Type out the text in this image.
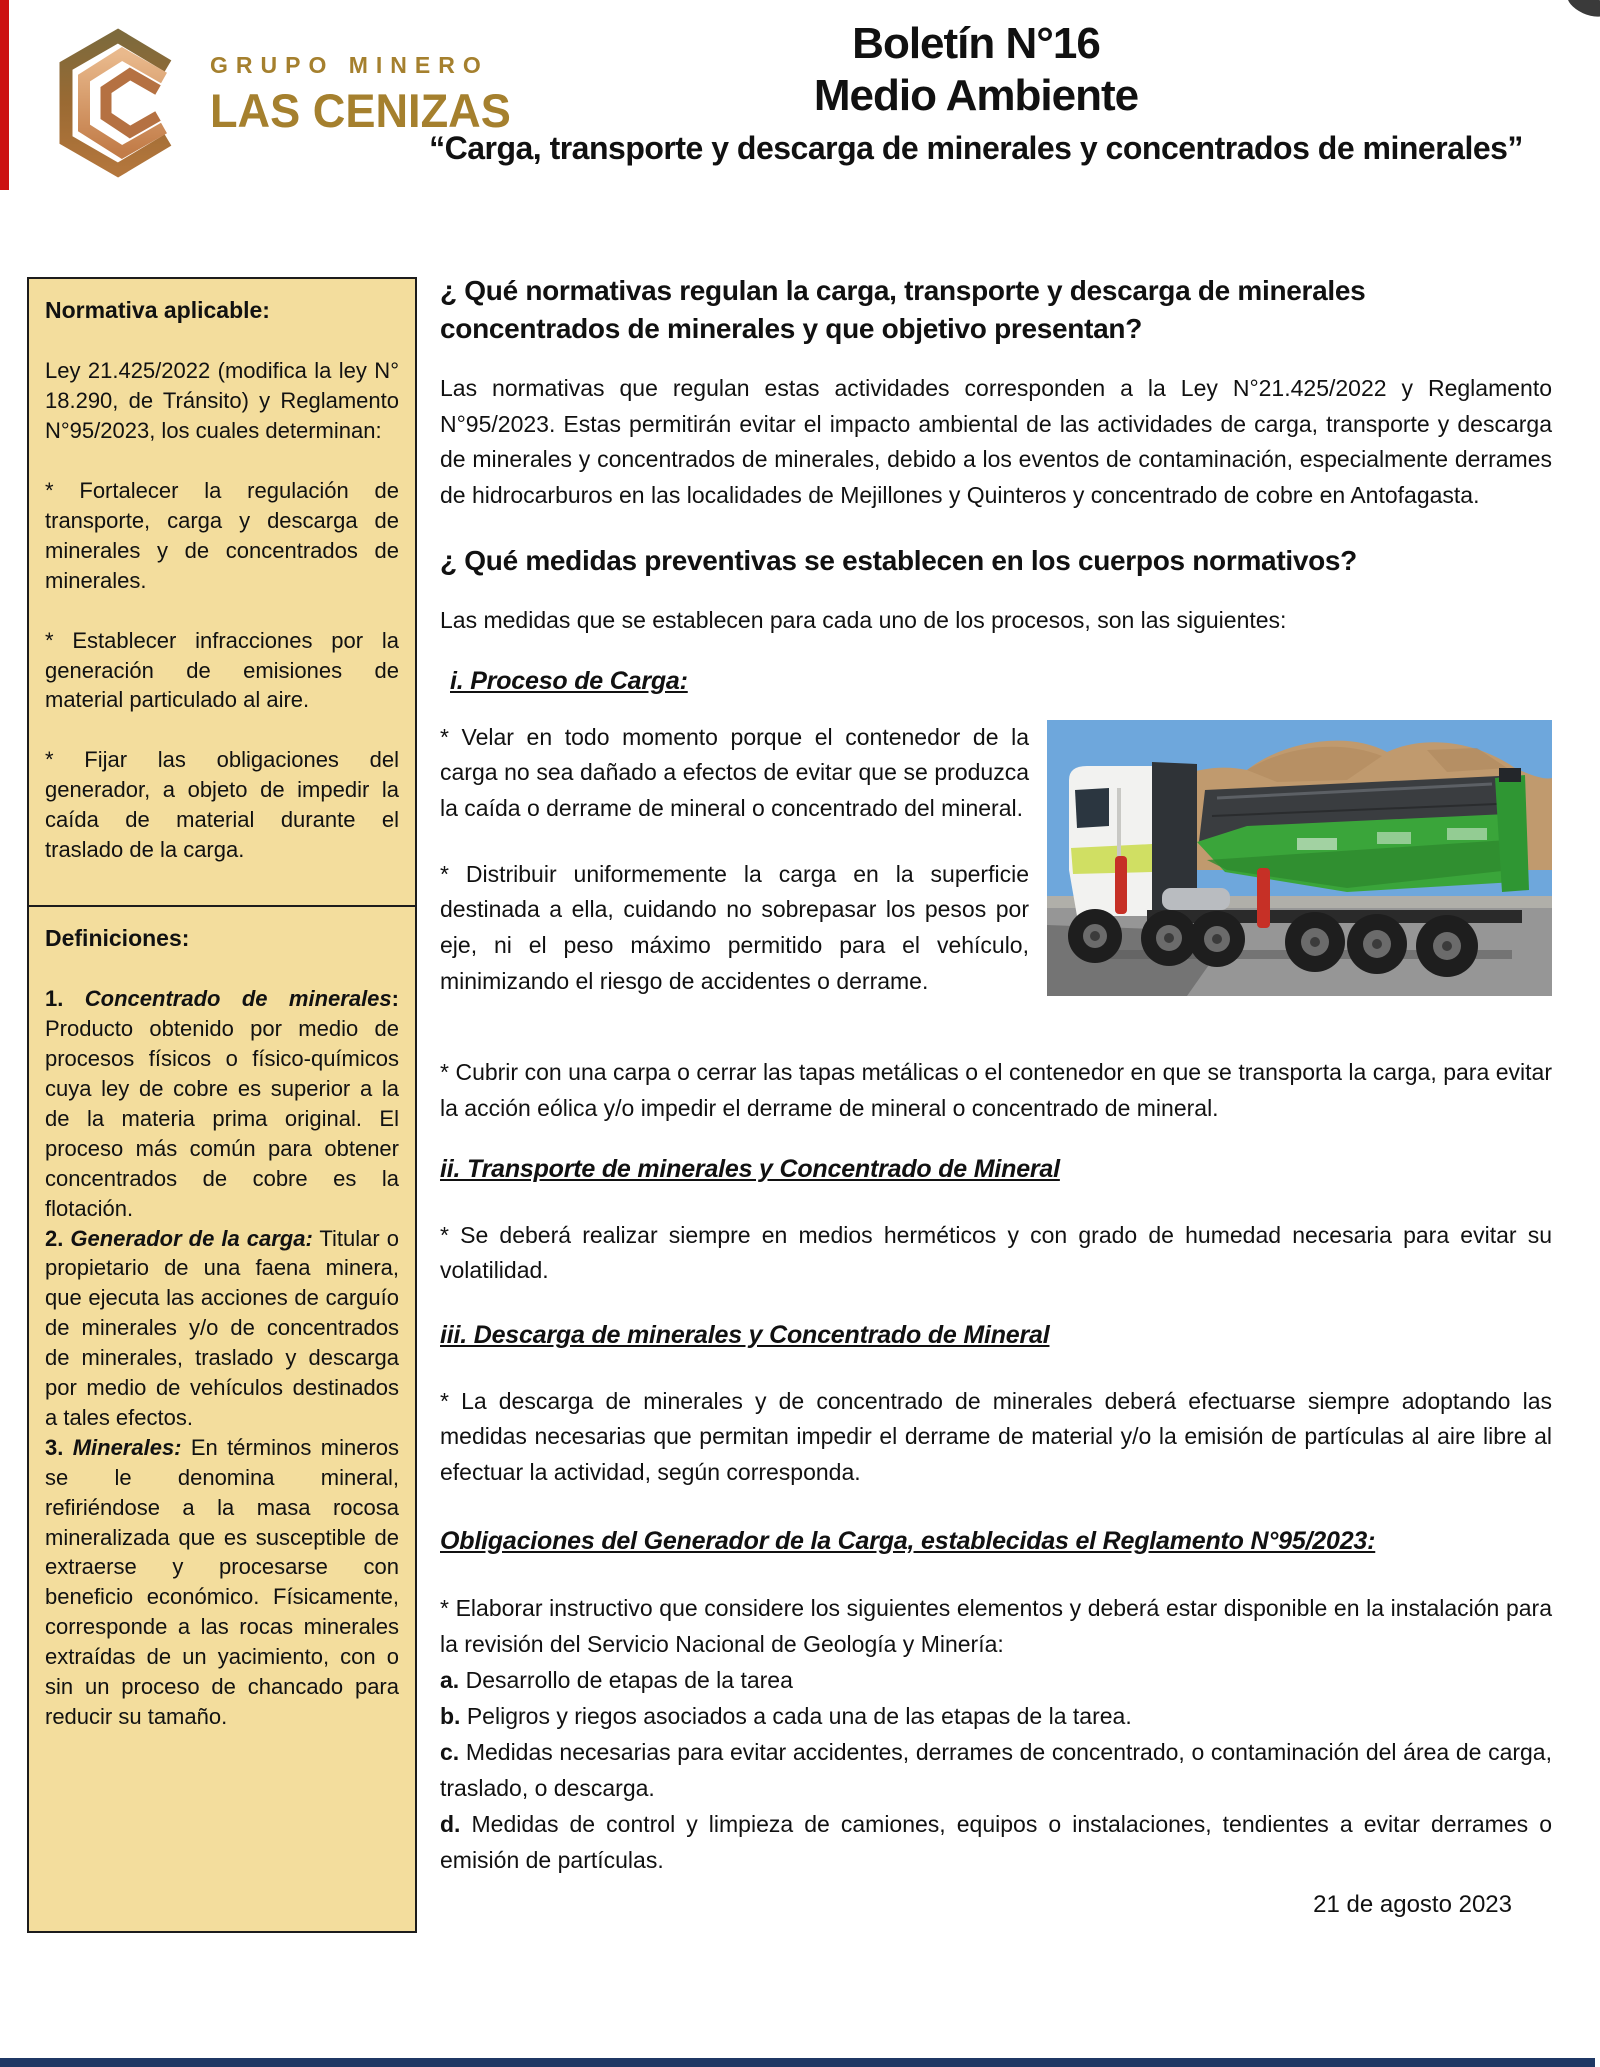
GRUPO MINERO
LAS CENIZAS
Boletín N°16
Medio Ambiente
“Carga, transporte y descarga de minerales y concentrados de minerales”
Normativa aplicable:

Ley 21.425/2022 (modifica la ley N° 18.290, de Tránsito) y Reglamento N°95/2023, los cuales determinan:

* Fortalecer la regulación de transporte, carga y descarga de minerales y de concentrados de minerales.

* Establecer infracciones por la generación de emisiones de material particulado al aire.

* Fijar las obligaciones del generador, a objeto de impedir la caída de material durante el traslado de la carga.

Definiciones:

1. Concentrado de minerales: Producto obtenido por medio de procesos físicos o físico-químicos cuya ley de cobre es superior a la de la materia prima original. El proceso más común para obtener concentrados de cobre es la flotación.

2. Generador de la carga: Titular o propietario de una faena minera, que ejecuta las acciones de carguío de minerales y/o de concentrados de minerales, traslado y descarga por medio de vehículos destinados a tales efectos.

3. Minerales: En términos mineros se le denomina mineral, refiriéndose a la masa rocosa mineralizada que es susceptible de extraerse y procesarse con beneficio económico. Físicamente, corresponde a las rocas minerales extraídas de un yacimiento, con o sin un proceso de chancado para reducir su tamaño.

¿ Qué normativas regulan la carga, transporte y descarga de minerales concentrados de minerales y que objetivo presentan?

Las normativas que regulan estas actividades corresponden a la Ley N°21.425/2022 y Reglamento N°95/2023. Estas permitirán evitar el impacto ambiental de las actividades de carga, transporte y descarga de minerales y concentrados de minerales, debido a los eventos de contaminación, especialmente derrames de hidrocarburos en las localidades de Mejillones y Quinteros y concentrado de cobre en Antofagasta.

¿ Qué medidas preventivas se establecen en los cuerpos normativos?

Las medidas que se establecen para cada uno de los procesos, son las siguientes:

i. Proceso de Carga:

* Velar en todo momento porque el contenedor de la carga no sea dañado a efectos de evitar que se produzca la caída o derrame de mineral o concentrado del mineral.

* Distribuir uniformemente la carga en la superficie destinada a ella, cuidando no sobrepasar los pesos por eje, ni el peso máximo permitido para el vehículo, minimizando el riesgo de accidentes o derrame.

* Cubrir con una carpa o cerrar las tapas metálicas o el contenedor en que se transporta la carga, para evitar la acción eólica y/o impedir el derrame de mineral o concentrado de mineral.

ii. Transporte de minerales y Concentrado de Mineral

* Se deberá realizar siempre en medios herméticos y con grado de humedad necesaria para evitar su volatilidad.

iii. Descarga de minerales y Concentrado de Mineral

* La descarga de minerales y de concentrado de minerales deberá efectuarse siempre adoptando las medidas necesarias que permitan impedir el derrame de material y/o la emisión de partículas al aire libre al efectuar la actividad, según corresponda.

Obligaciones del Generador de la Carga, establecidas el Reglamento N°95/2023:

* Elaborar instructivo que considere los siguientes elementos y deberá estar disponible en la instalación para la revisión del Servicio Nacional de Geología y Minería:

a. Desarrollo de etapas de la tarea

b. Peligros y riegos asociados a cada una de las etapas de la tarea.

c. Medidas necesarias para evitar accidentes, derrames de concentrado, o contaminación del área de carga, traslado, o descarga.

d. Medidas de control y limpieza de camiones, equipos o instalaciones, tendientes a evitar derrames o emisión de partículas.

21 de agosto 2023
